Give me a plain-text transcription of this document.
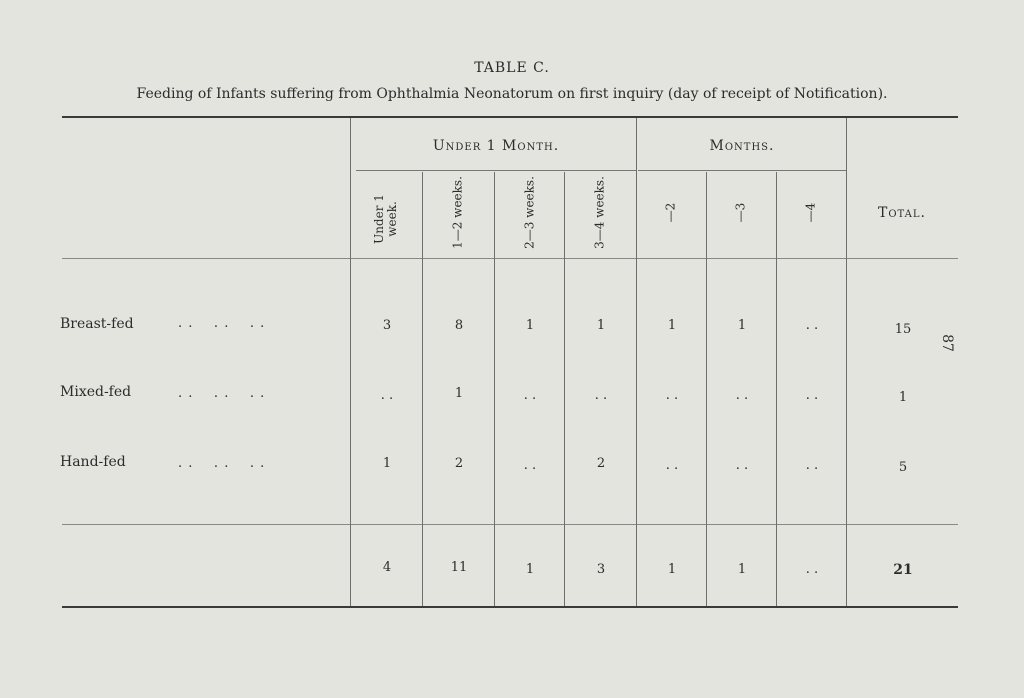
TABLE C.
Feeding of Infants suffering from Ophthalmia Neonatorum on first inquiry (day of receipt of Notification).
87
Under 1 Month.	Months.
Total.
Under 1 week.	1—2 weeks.	2—3 weeks.	3—4 weeks.	—2	—3	—4
Breast-fed	. .    . .    . .	3	8	1	1	1	1	. .	15
Mixed-fed	. .    . .    . .	. .	1	. .	. .	. .	. .	. .	1
Hand-fed	. .    . .    . .	1	2	. .	2	. .	. .	. .	5
4	11	1	3	1	1	. .	21
